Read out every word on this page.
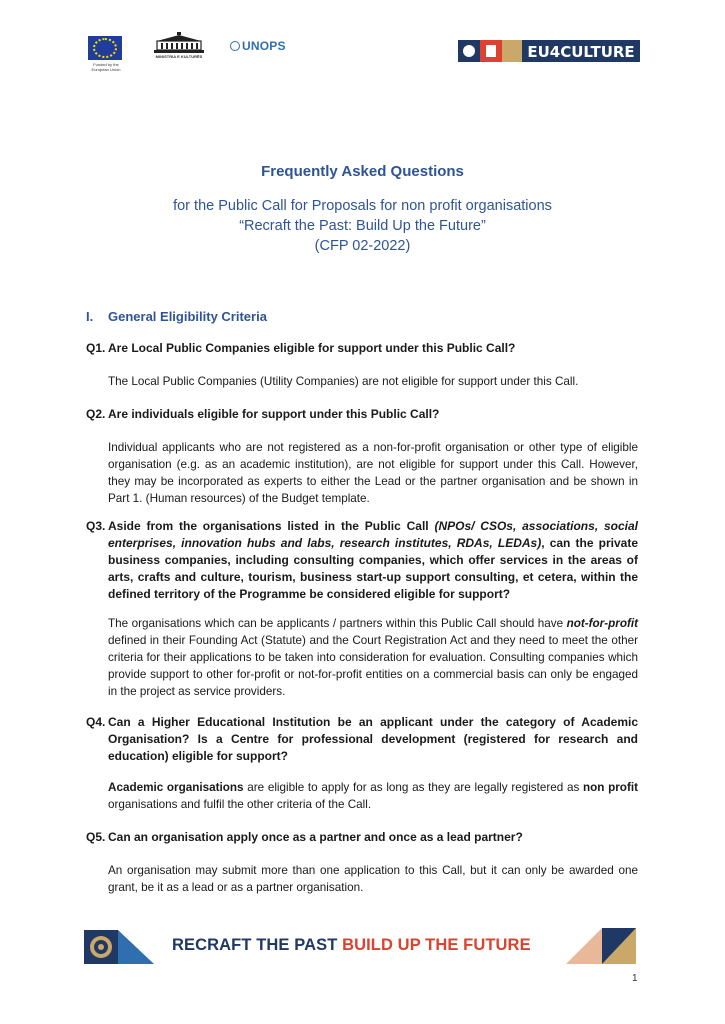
Funded by the European Union
MINISTRIA E KULTURËS
UNOPS	EU4CULTURE
Frequently Asked Questions
for the Public Call for Proposals for non profit organisations
“Recraft the Past: Build Up the Future”
(CFP 02-2022)
I. General Eligibility Criteria
Q1. Are Local Public Companies eligible for support under this Public Call?
The Local Public Companies (Utility Companies) are not eligible for support under this Call.
Q2. Are individuals eligible for support under this Public Call?
Individual applicants who are not registered as a non-for-profit organisation or other type of eligible organisation (e.g. as an academic institution), are not eligible for support under this Call. However, they may be incorporated as experts to either the Lead or the partner organisation and be shown in Part 1. (Human resources) of the Budget template.
Q3. Aside from the organisations listed in the Public Call (NPOs/ CSOs, associations, social enterprises, innovation hubs and labs, research institutes, RDAs, LEDAs), can the private business companies, including consulting companies, which offer services in the areas of arts, crafts and culture, tourism, business start-up support consulting, et cetera, within the defined territory of the Programme be considered eligible for support?
The organisations which can be applicants / partners within this Public Call should have not-for-profit defined in their Founding Act (Statute) and the Court Registration Act and they need to meet the other criteria for their applications to be taken into consideration for evaluation. Consulting companies which provide support to other for-profit or not-for-profit entities on a commercial basis can only be engaged in the project as service providers.
Q4. Can a Higher Educational Institution be an applicant under the category of Academic Organisation? Is a Centre for professional development (registered for research and education) eligible for support?
Academic organisations are eligible to apply for as long as they are legally registered as non profit organisations and fulfil the other criteria of the Call.
Q5. Can an organisation apply once as a partner and once as a lead partner?
An organisation may submit more than one application to this Call, but it can only be awarded one grant, be it as a lead or as a partner organisation.
RECRAFT THE PAST BUILD UP THE FUTURE
1
